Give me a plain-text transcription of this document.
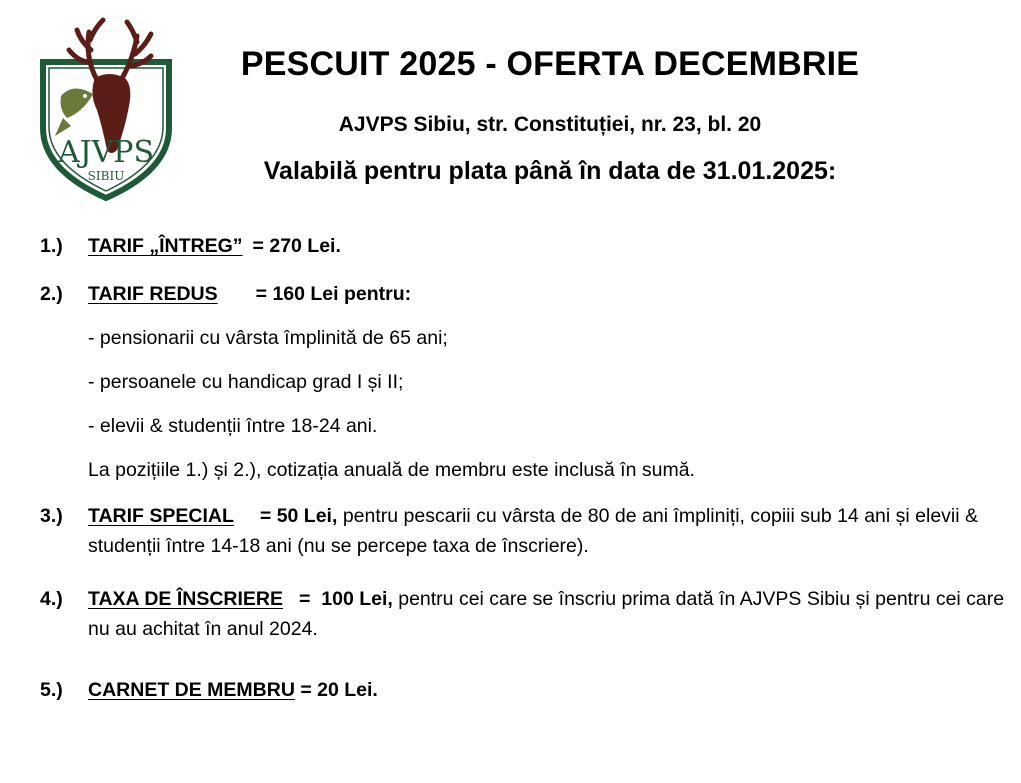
AJVPS
SIBIU
PESCUIT 2025 - OFERTA DECEMBRIE
AJVPS Sibiu, str. Constituției, nr. 23, bl. 20
Valabilă pentru plata până în data de 31.01.2025:
1.) TARIF „ÎNTREG” = 270 Lei.
2.) TARIF REDUS = 160 Lei pentru:
- pensionarii cu vârsta împlinită de 65 ani;
- persoanele cu handicap grad I și II;
- elevii & studenții între 18-24 ani.
La pozițiile 1.) și 2.), cotizația anuală de membru este inclusă în sumă.
3.) TARIF SPECIAL = 50 Lei, pentru pescarii cu vârsta de 80 de ani împliniți, copiii sub 14 ani și elevii & studenții între 14-18 ani (nu se percepe taxa de înscriere).
4.) TAXA DE ÎNSCRIERE =  100 Lei, pentru cei care se înscriu prima dată în AJVPS Sibiu și pentru cei care nu au achitat în anul 2024.
5.) CARNET DE MEMBRU = 20 Lei.
